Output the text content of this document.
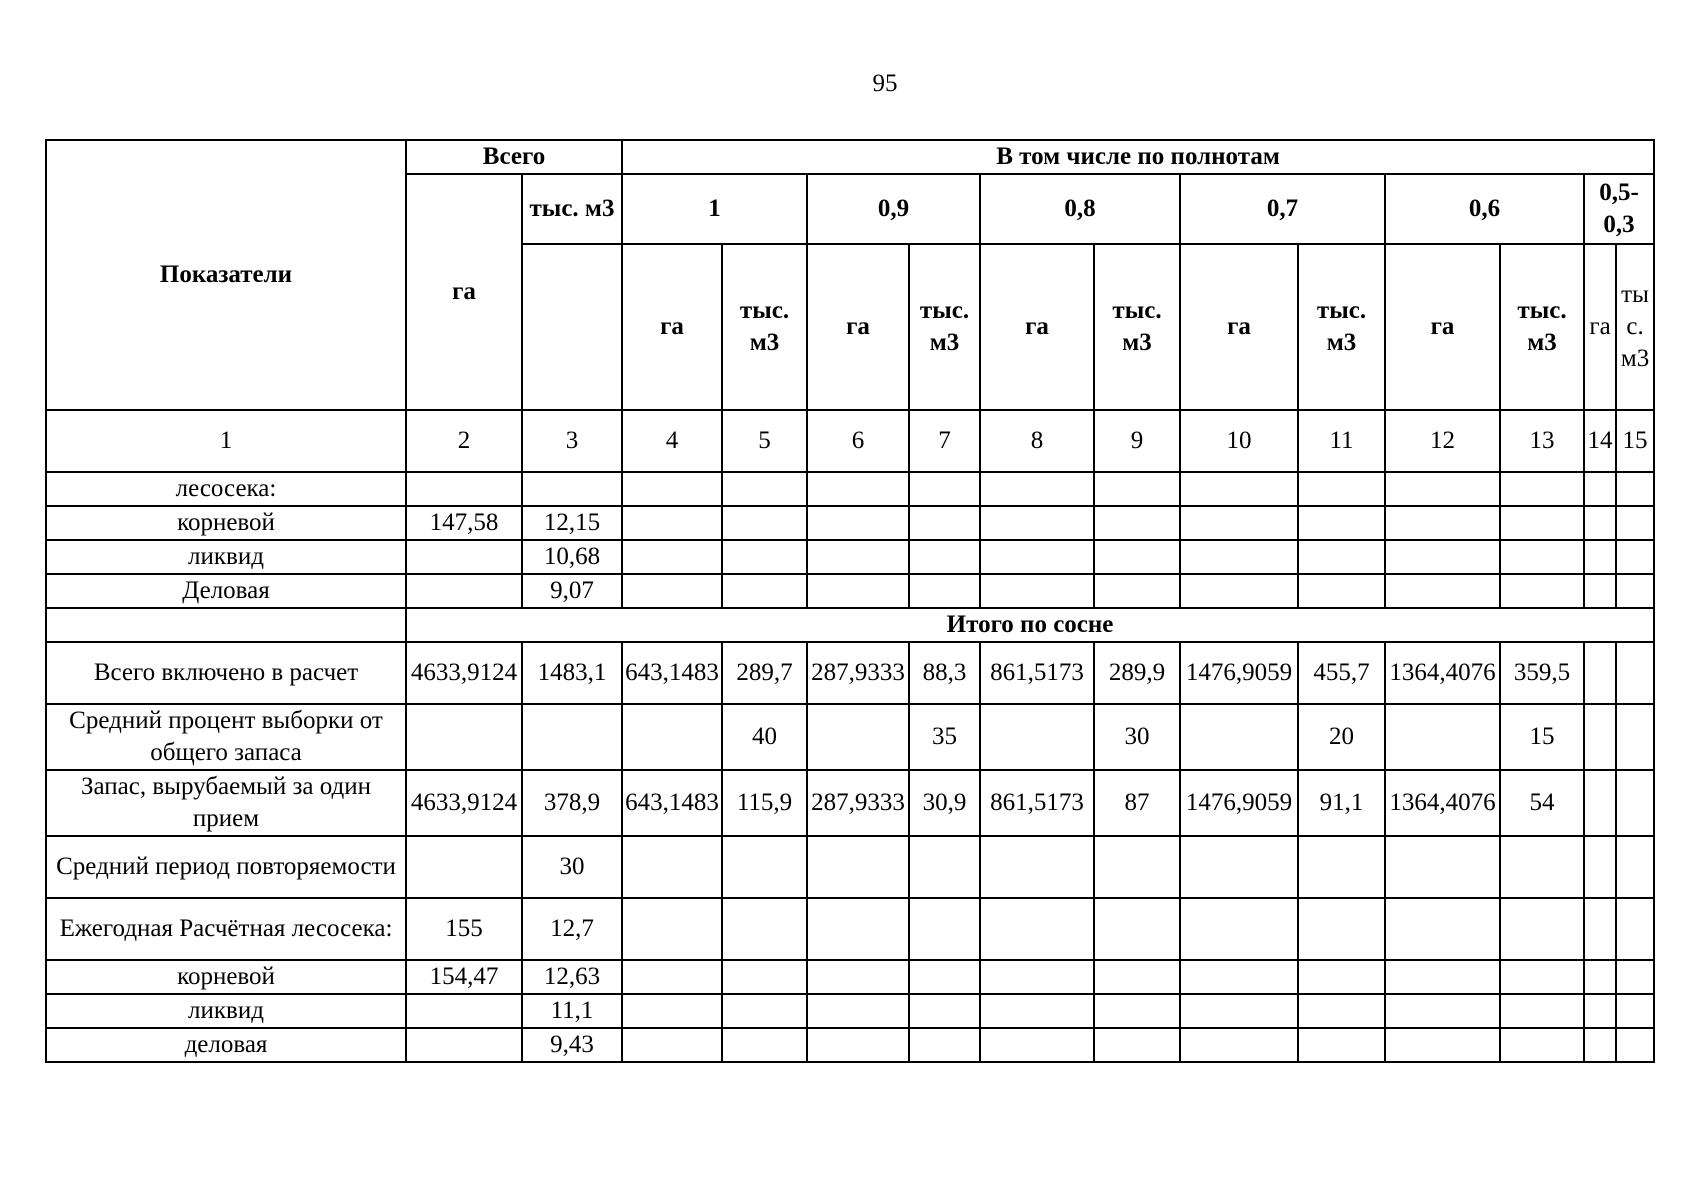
95
Показатели	Всего		В том числе по полнотам											
	га	тыс. м3	1		0,9		0,8		0,7		0,6		0,5-0,3	
			га	тыс. м3	га	тыс. м3	га	тыс. м3	га	тыс. м3	га	тыс. м3	га	тыс. м3
1	2	3	4	5	6	7	8	9	10	11	12	13	14	15
лесосека:														
корневой	147,58	12,15												
ликвид		10,68												
Деловая		9,07												
	Итого по сосне													
Всего включено в расчет	4633,9124	1483,1	643,1483	289,7	287,9333	88,3	861,5173	289,9	1476,9059	455,7	1364,4076	359,5		
Средний процент выборки от общего запаса				40		35		30		20		15		
Запас, вырубаемый за один прием	4633,9124	378,9	643,1483	115,9	287,9333	30,9	861,5173	87	1476,9059	91,1	1364,4076	54		
Средний период повторяемости		30												
Ежегодная Расчётная лесосека:	155	12,7												
корневой	154,47	12,63												
ликвид		11,1												
деловая		9,43												
